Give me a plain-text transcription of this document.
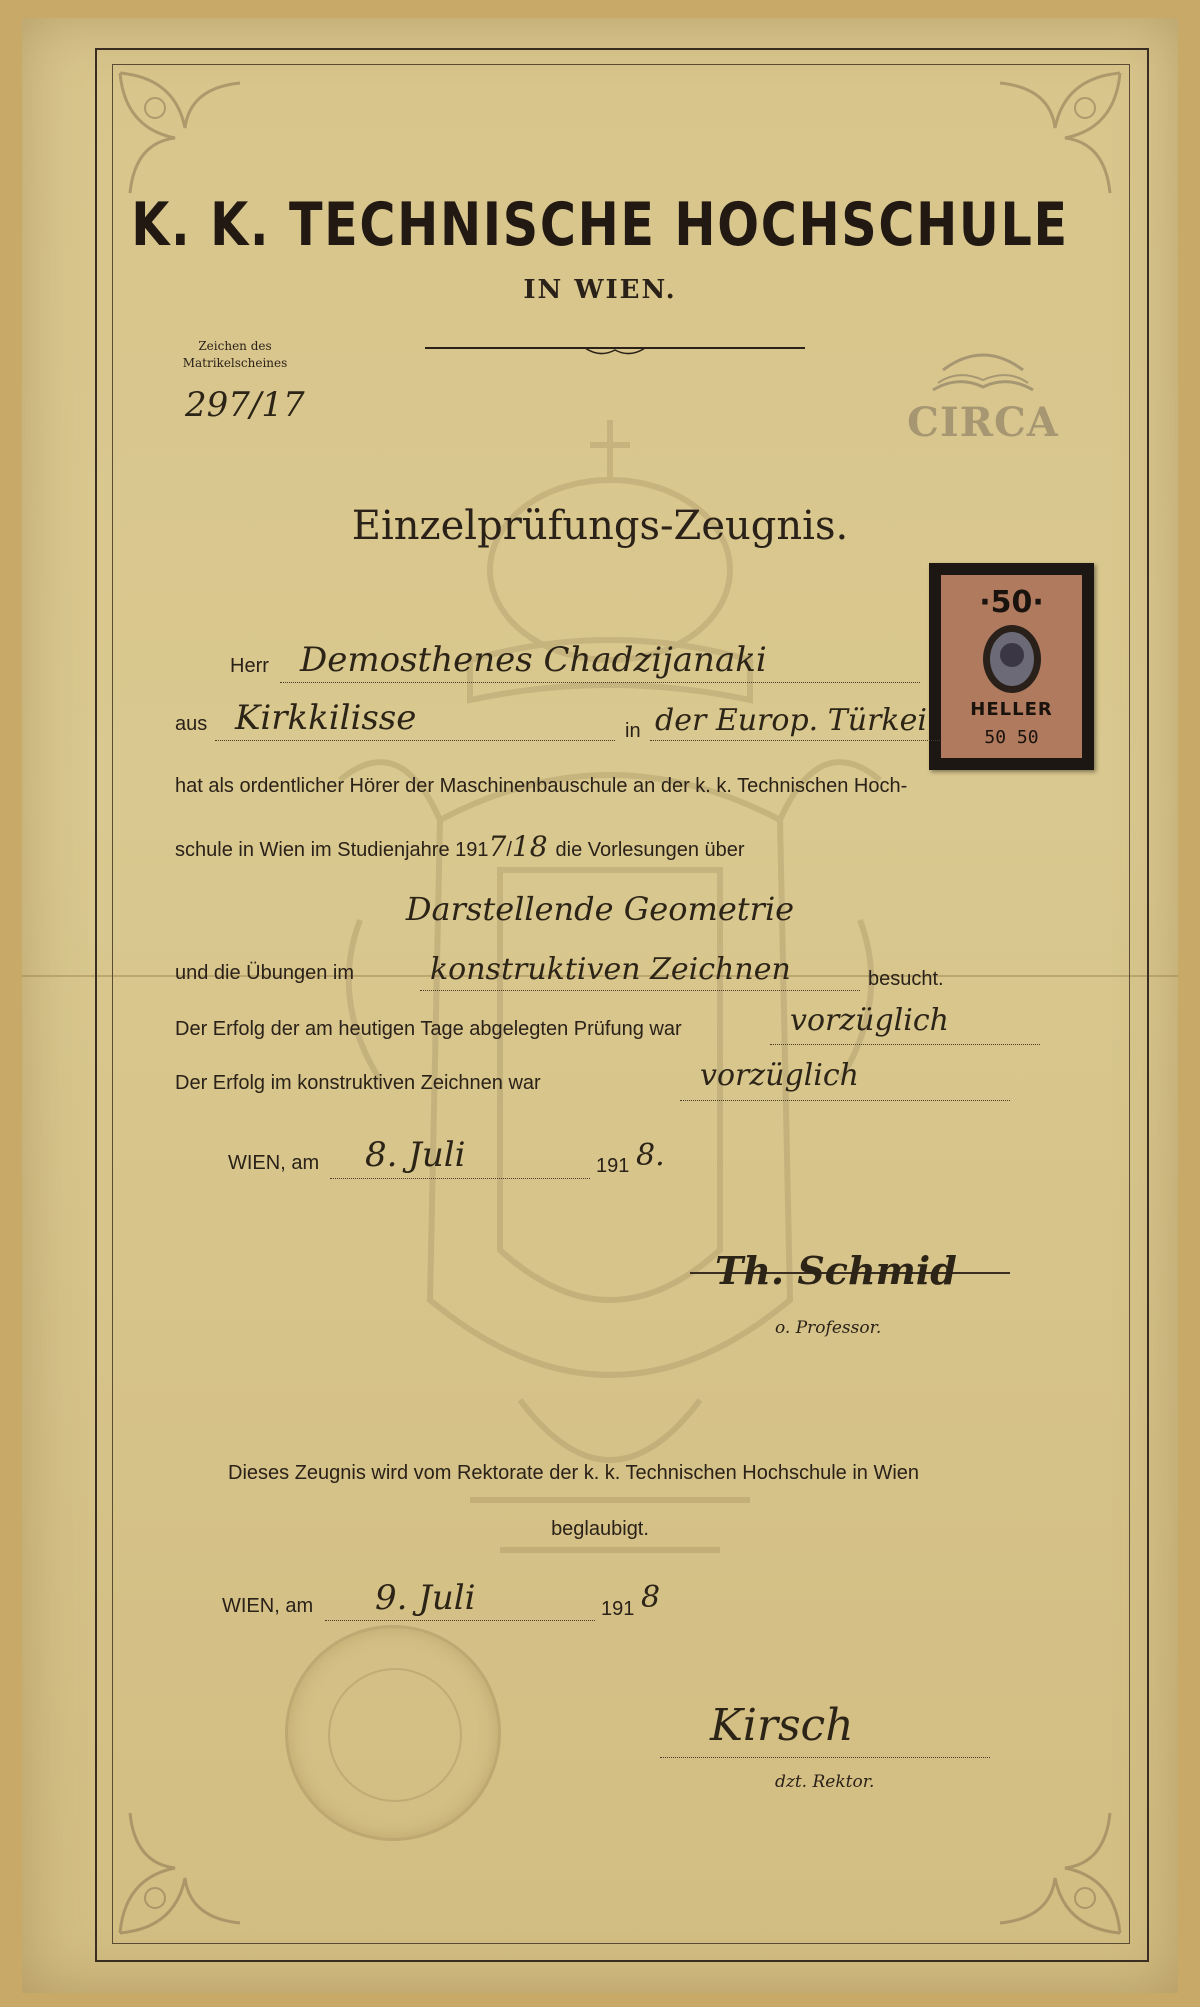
K. K. TECHNISCHE HOCHSCHULE
IN WIEN.
Zeichen des
Matrikelscheines
297/17	CIRCA
Einzelprüfungs-Zeugnis.
·50·
HELLER
50 50
Herr Demosthenes Chadzijanaki
aus Kirkkilisse	in der Europ. Türkei
hat als ordentlicher Hörer der Maschinenbauschule an der k. k. Technischen Hoch-
schule in Wien im Studienjahre 1917/18 die Vorlesungen über
Darstellende Geometrie
und die Übungen im	konstruktiven Zeichnen	besucht.
Der Erfolg der am heutigen Tage abgelegten Prüfung war	vorzüglich
Der Erfolg im konstruktiven Zeichnen war	vorzüglich
WIEN, am 8. Juli	191 8.
Th. Schmid
o. Professor.
Dieses Zeugnis wird vom Rektorate der k. k. Technischen Hochschule in Wien
beglaubigt.
WIEN, am 9. Juli	191 8
Kirsch
dzt. Rektor.
